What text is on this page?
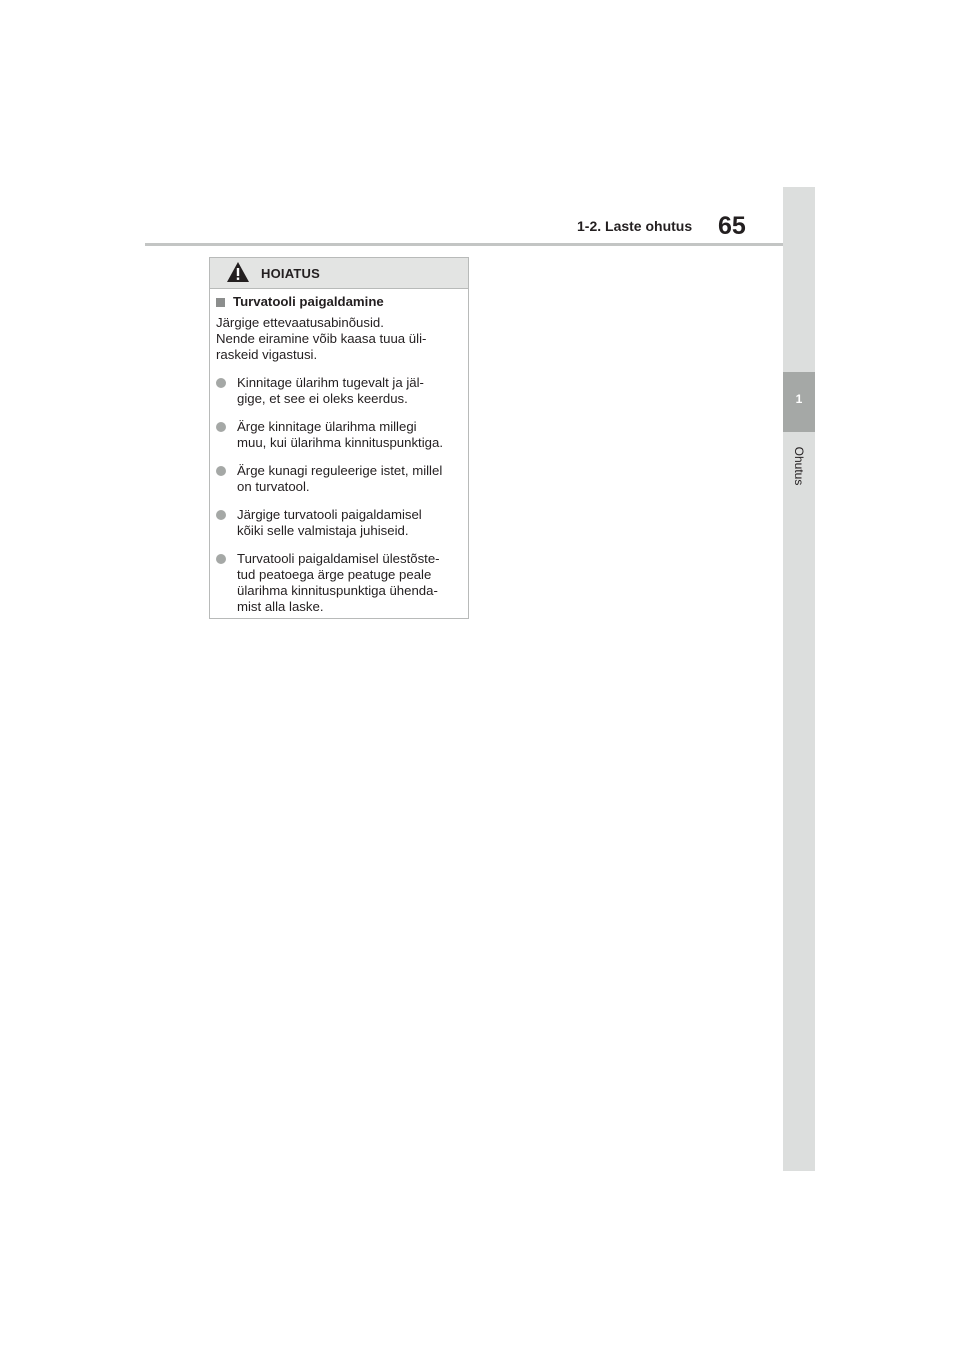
1
Ohutus
1-2. Laste ohutus 65
HOIATUS
Turvatooli paigaldamine

Järgige ettevaatusabinõusid.

Nende eiramine võib kaasa tuua üli-

raskeid vigastusi.

Kinnitage ülarihm tugevalt ja jäl-

gige, et see ei oleks keerdus.

Ärge kinnitage ülarihma millegi

muu, kui ülarihma kinnituspunktiga.

Ärge kunagi reguleerige istet, millel

on turvatool.

Järgige turvatooli paigaldamisel

kõiki selle valmistaja juhiseid.

Turvatooli paigaldamisel ülestõste-

tud peatoega ärge peatuge peale

ülarihma kinnituspunktiga ühenda-

mist alla laske.
